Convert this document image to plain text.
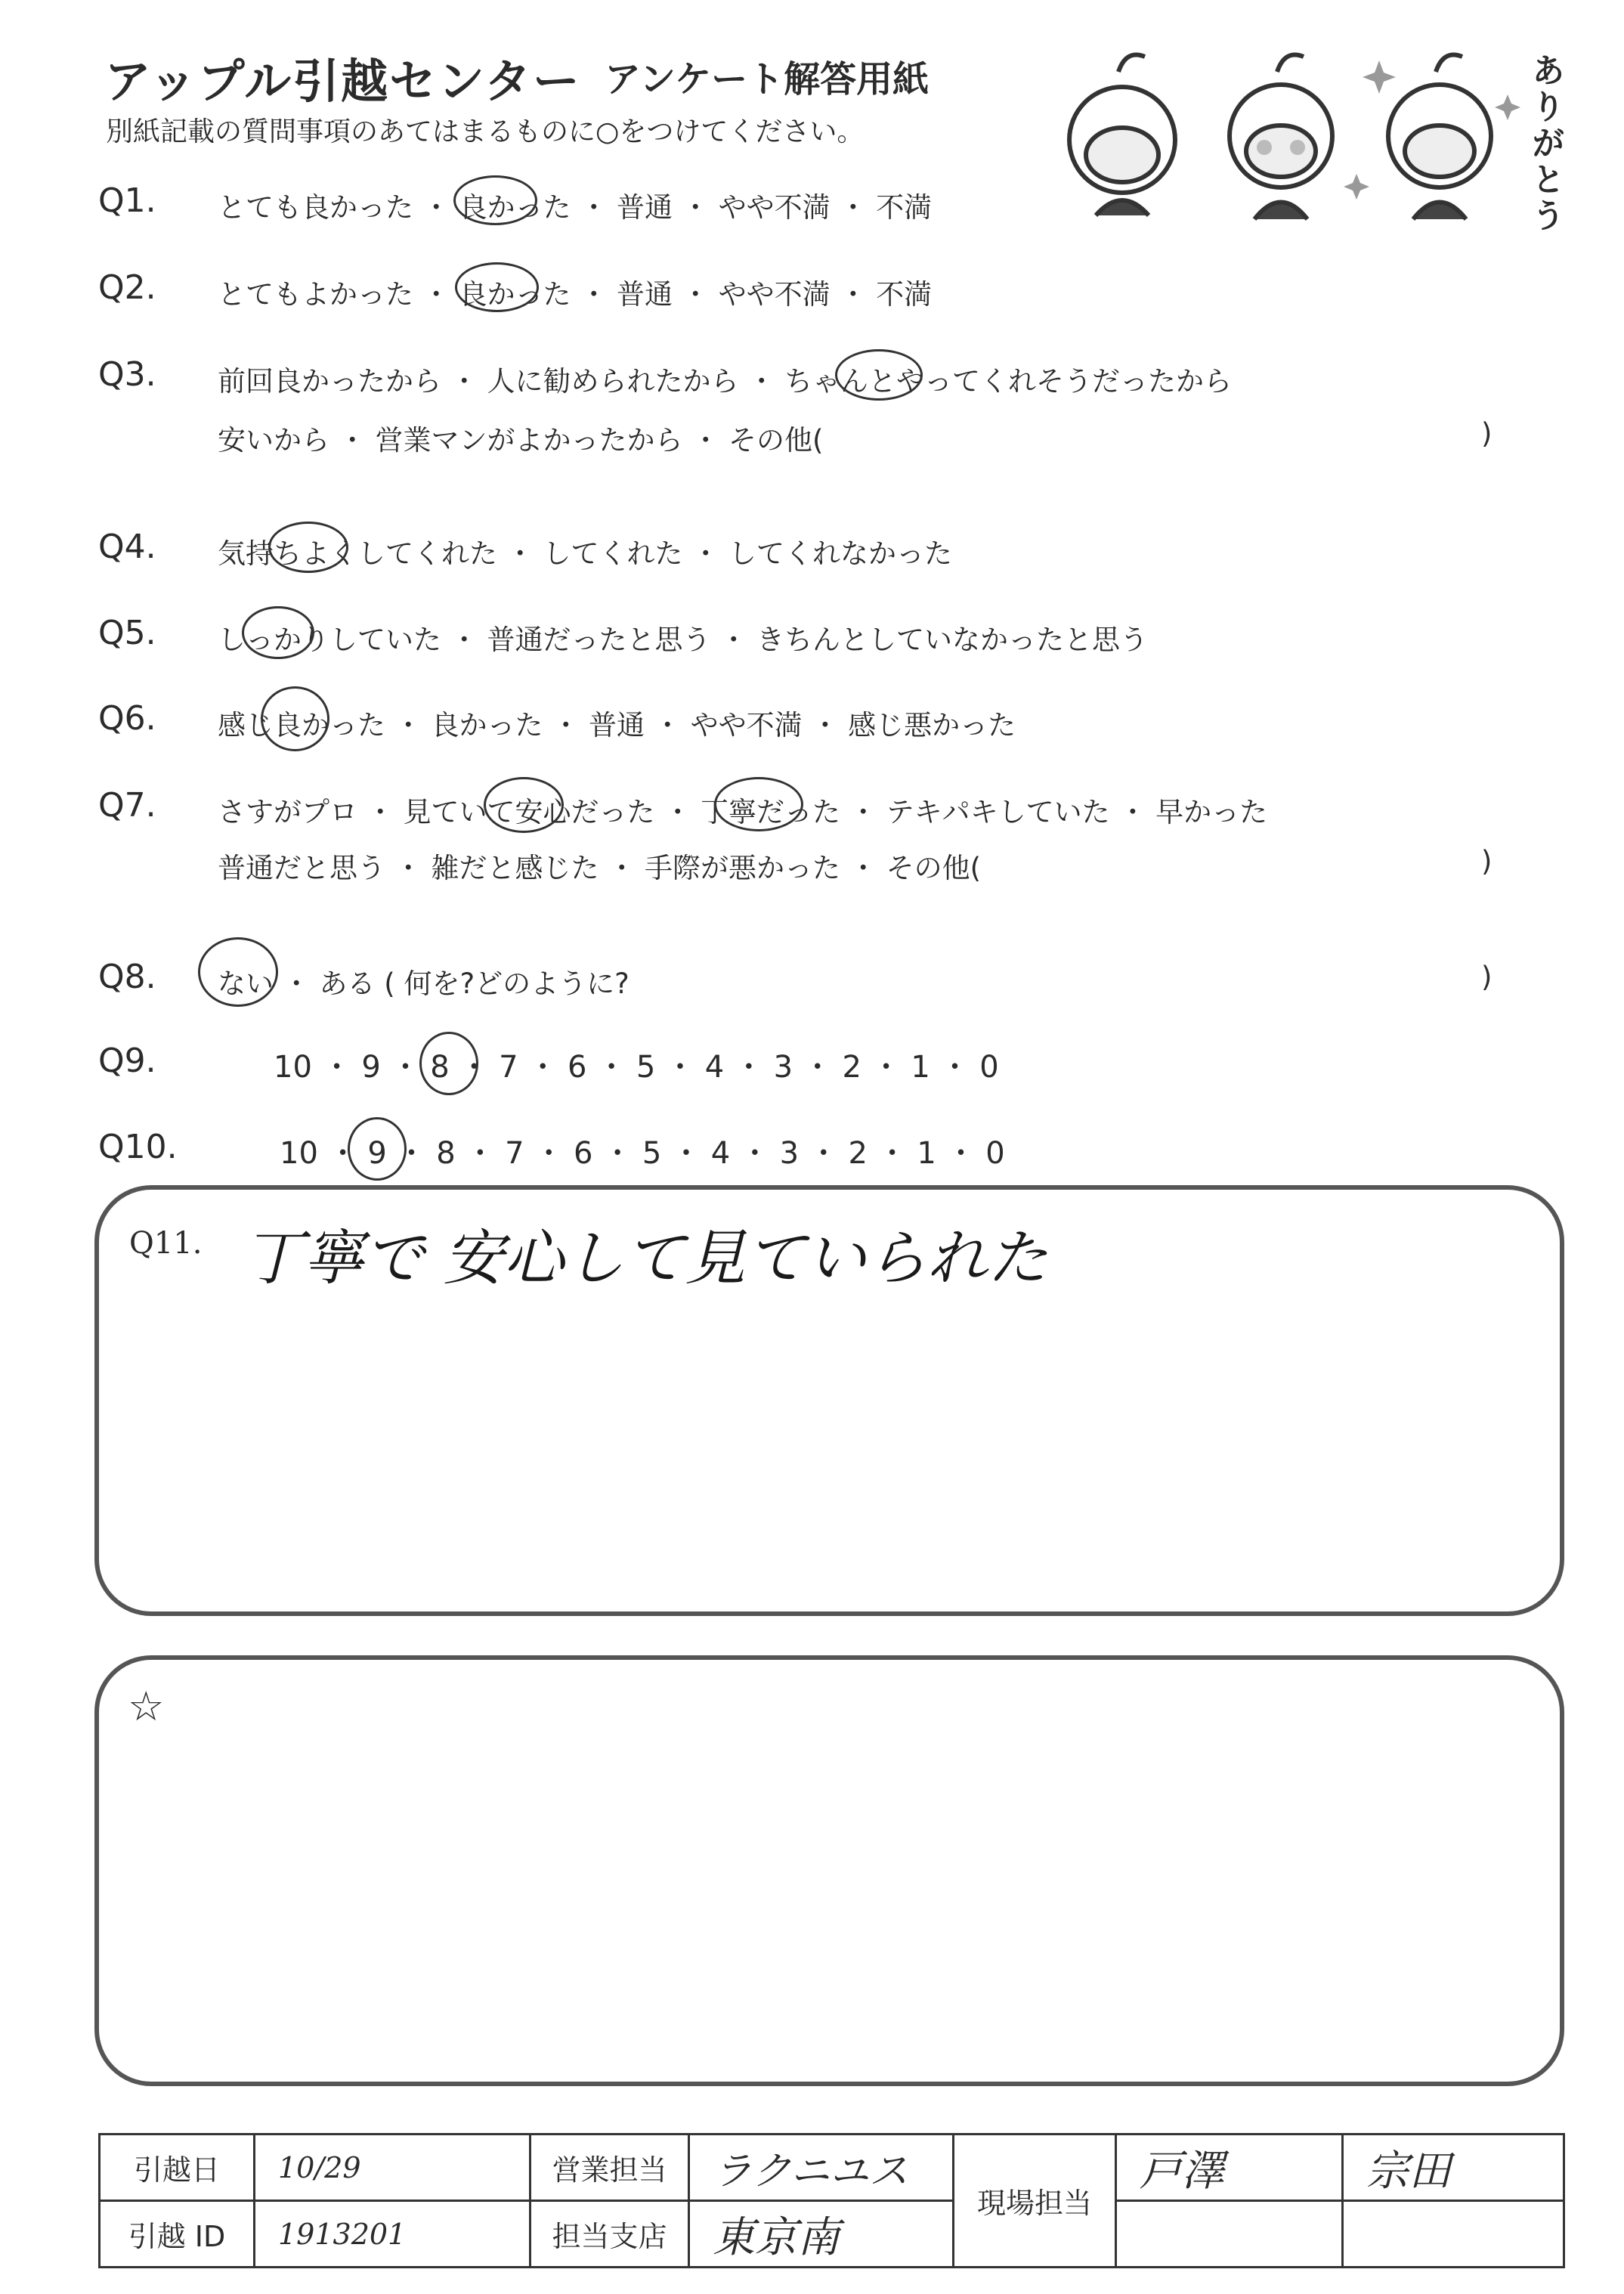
アップル引越センター アンケート解答用紙
別紙記載の質問事項のあてはまるものに○をつけてください。	ありがとう
Q1. とても良かった ・ 良かった ・ 普通 ・ やや不満 ・ 不満
Q2. とてもよかった ・ 良かった ・ 普通 ・ やや不満 ・ 不満
Q3. 前回良かったから ・ 人に勧められたから ・ ちゃんとやってくれそうだったから
安いから ・ 営業マンがよかったから ・ その他(	)
Q4. 気持ちよくしてくれた ・ してくれた ・ してくれなかった
Q5. しっかりしていた ・ 普通だったと思う ・ きちんとしていなかったと思う
Q6. 感じ良かった ・ 良かった ・ 普通 ・ やや不満 ・ 感じ悪かった
Q7. さすがプロ ・ 見ていて安心だった ・ 丁寧だった ・ テキパキしていた ・ 早かった
普通だと思う ・ 雑だと感じた ・ 手際が悪かった ・ その他(	)
Q8. ない ・ ある ( 何を?どのように?	)
Q9.	10 ・ 9 ・ 8 ・ 7 ・ 6 ・ 5 ・ 4 ・ 3 ・ 2 ・ 1 ・ 0
Q10.	10 ・ 9 ・ 8 ・ 7 ・ 6 ・ 5 ・ 4 ・ 3 ・ 2 ・ 1 ・ 0
Q11. 丁寧で 安心して見ていられた
☆
引越日	10/29	営業担当	ラクニユス	現場担当	戸澤	宗田
引越 ID	1913201	担当支店	東京南			
